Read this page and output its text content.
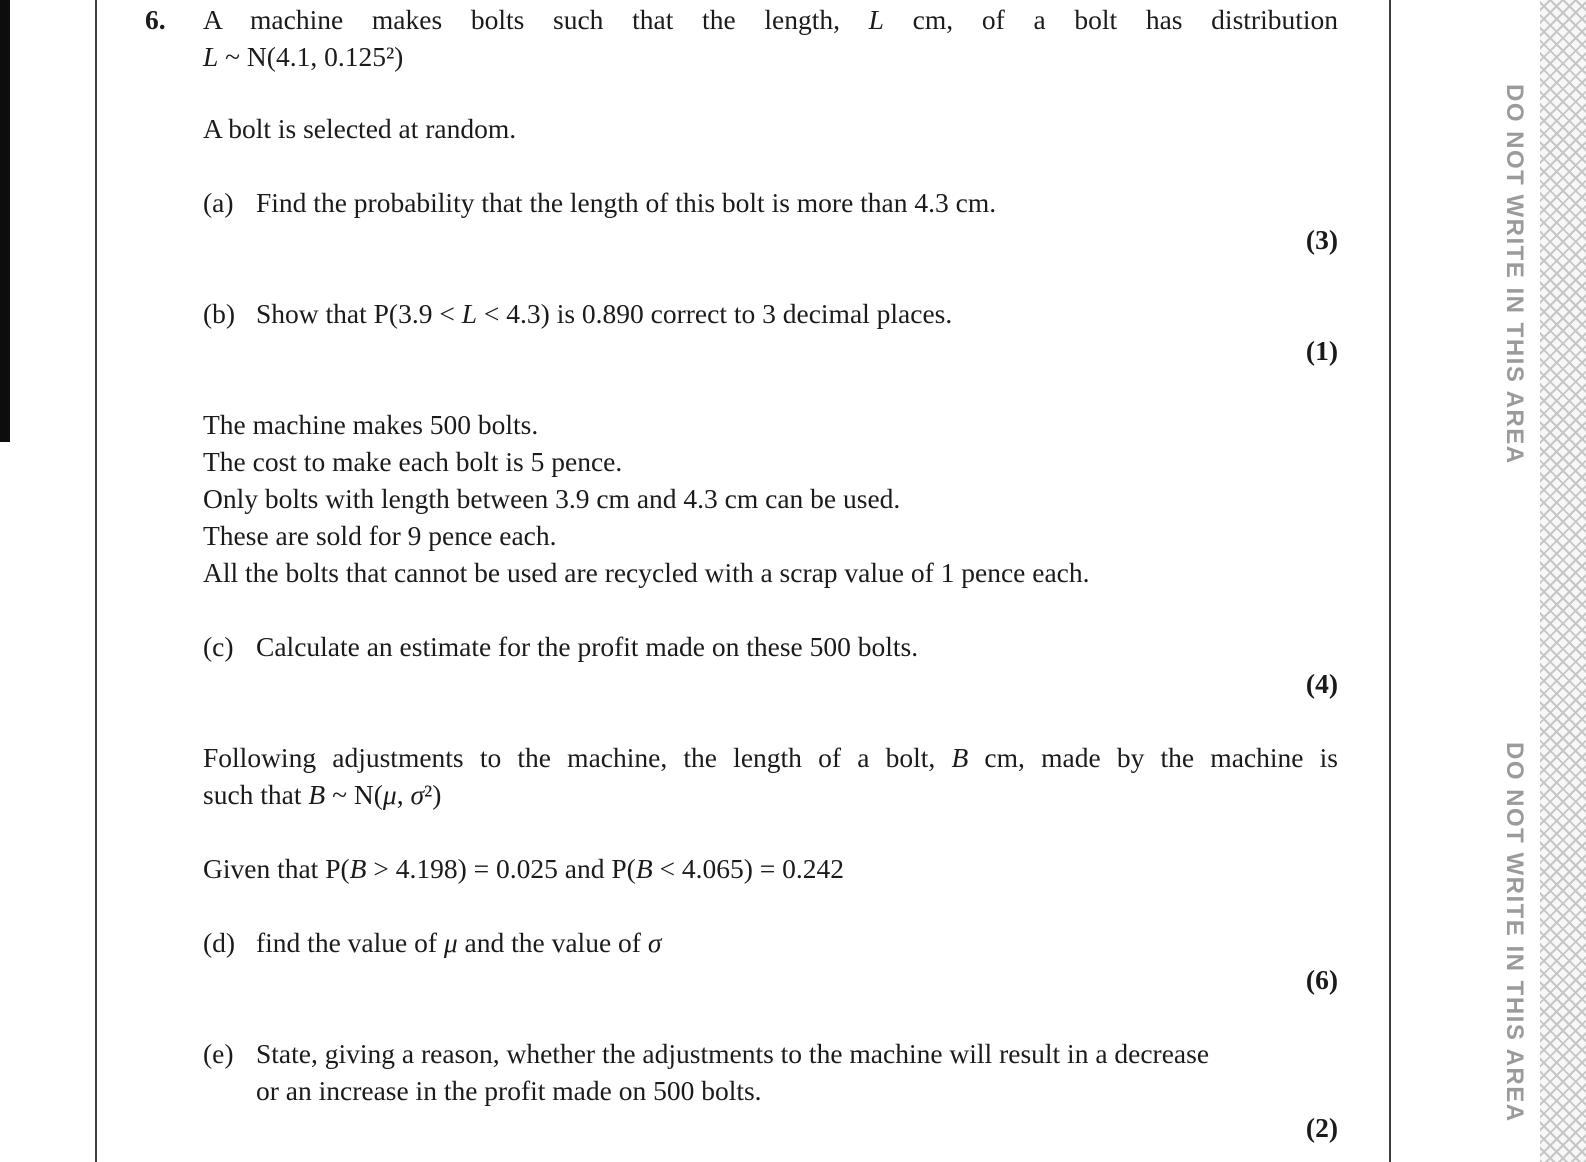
DO NOT WRITE IN THIS AREA
DO NOT WRITE IN THIS AREA
6. A machine makes bolts such that the length, L cm, of a bolt has distribution
L ~ N(4.1, 0.125²)
A bolt is selected at random.
(a) Find the probability that the length of this bolt is more than 4.3 cm.
(3)
(b) Show that P(3.9 < L < 4.3) is 0.890 correct to 3 decimal places.
(1)
The machine makes 500 bolts.
The cost to make each bolt is 5 pence.
Only bolts with length between 3.9 cm and 4.3 cm can be used.
These are sold for 9 pence each.
All the bolts that cannot be used are recycled with a scrap value of 1 pence each.
(c) Calculate an estimate for the profit made on these 500 bolts.
(4)
Following adjustments to the machine, the length of a bolt, B cm, made by the machine is
such that B ~ N(μ, σ²)
Given that P(B > 4.198) = 0.025 and P(B < 4.065) = 0.242
(d) find the value of μ and the value of σ
(6)
(e) State, giving a reason, whether the adjustments to the machine will result in a decrease
or an increase in the profit made on 500 bolts.
(2)
